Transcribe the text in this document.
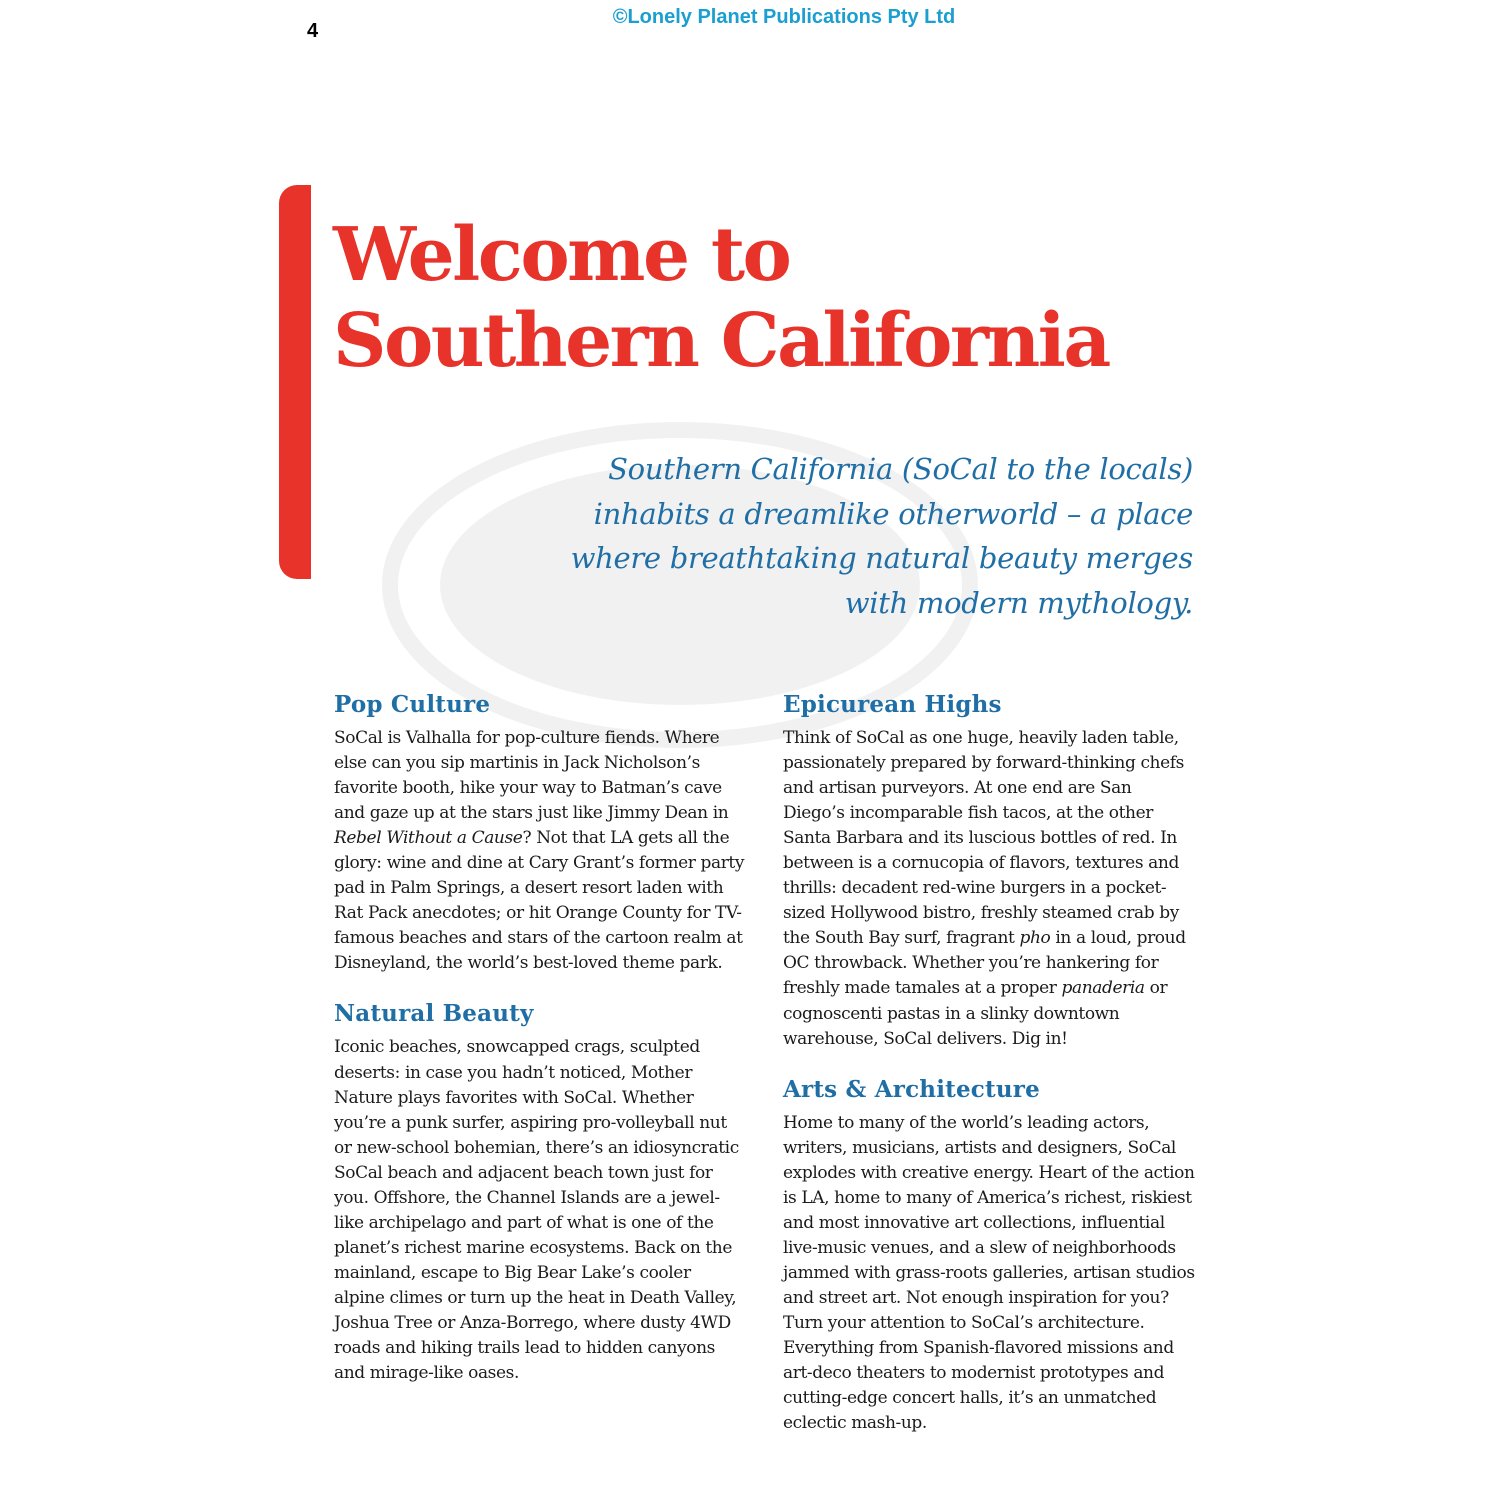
©Lonely Planet Publications Pty Ltd
4
Welcome to
Southern California

Southern California (SoCal to the locals) inhabits a dreamlike otherworld – a place where breathtaking natural beauty merges with modern mythology.

Pop Culture

SoCal is Valhalla for pop-culture fiends. Where else can you sip martinis in Jack Nicholson’s favorite booth, hike your way to Batman’s cave and gaze up at the stars just like Jimmy Dean in Rebel Without a Cause? Not that LA gets all the glory: wine and dine at Cary Grant’s former party pad in Palm Springs, a desert resort laden with Rat Pack anecdotes; or hit Orange County for TV-famous beaches and stars of the cartoon realm at Disneyland, the world’s best-loved theme park.

Natural Beauty

Iconic beaches, snowcapped crags, sculpted deserts: in case you hadn’t noticed, Mother Nature plays favorites with SoCal. Whether you’re a punk surfer, aspiring pro-volleyball nut or new-school bohemian, there’s an idiosyncratic SoCal beach and adjacent beach town just for you. Offshore, the Channel Islands are a jewel-like archipelago and part of what is one of the planet’s richest marine ecosystems. Back on the mainland, escape to Big Bear Lake’s cooler alpine climes or turn up the heat in Death Valley, Joshua Tree or Anza-Borrego, where dusty 4WD roads and hiking trails lead to hidden canyons and mirage-like oases.

Epicurean Highs

Think of SoCal as one huge, heavily laden table, passionately prepared by forward-thinking chefs and artisan purveyors. At one end are San Diego’s incomparable fish tacos, at the other Santa Barbara and its luscious bottles of red. In between is a cornucopia of flavors, textures and thrills: decadent red-wine burgers in a pocket-sized Hollywood bistro, freshly steamed crab by the South Bay surf, fragrant pho in a loud, proud OC throwback. Whether you’re hankering for freshly made tamales at a proper panaderia or cognoscenti pastas in a slinky downtown warehouse, SoCal delivers. Dig in!

Arts & Architecture

Home to many of the world’s leading actors, writers, musicians, artists and designers, SoCal explodes with creative energy. Heart of the action is LA, home to many of America’s richest, riskiest and most innovative art collections, influential live-music venues, and a slew of neighborhoods jammed with grass-roots galleries, artisan studios and street art. Not enough inspiration for you? Turn your attention to SoCal’s architecture. Everything from Spanish-flavored missions and art-deco theaters to modernist prototypes and cutting-edge concert halls, it’s an unmatched eclectic mash-up.
